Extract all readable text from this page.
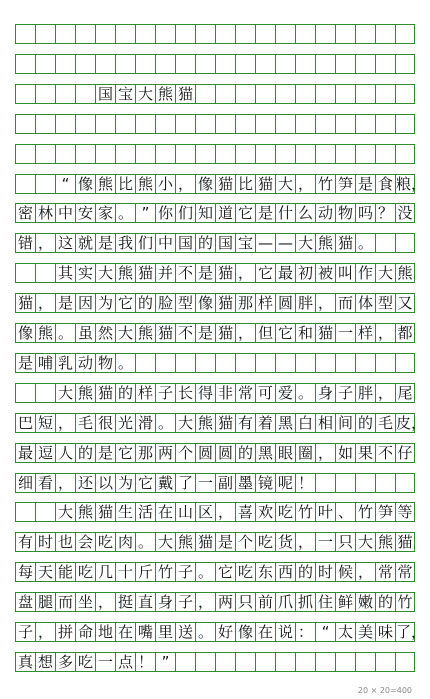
国 宝 大 熊 猫
“ 像 熊 比 熊 小 ， 像 猫 比 猫 大 ， 竹 笋 是 食 粮，
密 林 中 安 家 。 ” 你 们 知 道 它 是 什 么 动 物 吗 ？ 没
错 ， 这 就 是 我 们 中 国 的 国 宝 — — 大 熊 猫 。
其 实 大 熊 猫 并 不 是 猫 ， 它 最 初 被 叫 作 大 熊
猫 ， 是 因 为 它 的 脸 型 像 猫 那 样 圆 胖 ， 而 体 型 又
像 熊 。 虽 然 大 熊 猫 不 是 猫 ， 但 它 和 猫 一 样 ， 都
是 哺 乳 动 物 。
大 熊 猫 的 样 子 长 得 非 常 可 爱 。 身 子 胖 ， 尾
巴 短 ， 毛 很 光 滑 。 大 熊 猫 有 着 黑 白 相 间 的 毛 皮，
最 逗 人 的 是 它 那 两 个 圆 圆 的 黑 眼 圈 ， 如 果 不 仔
细 看 ， 还 以 为 它 戴 了 一 副 墨 镜 呢 ！
大 熊 猫 生 活 在 山 区 ， 喜 欢 吃 竹 叶 、 竹 笋 等
有 时 也 会 吃 肉 。 大 熊 猫 是 个 吃 货 ， 一 只 大 熊 猫
每 天 能 吃 几 十 斤 竹 子 。 它 吃 东 西 的 时 候 ， 常 常
盘 腿 而 坐 ， 挺 直 身 子 ， 两 只 前 爪 抓 住 鲜 嫩 的 竹
子 ， 拼 命 地 在 嘴 里 送 。 好 像 在 说 ： “ 太 美 味 了，
真 想 多 吃 一 点 ！ ”
20 × 20=400
